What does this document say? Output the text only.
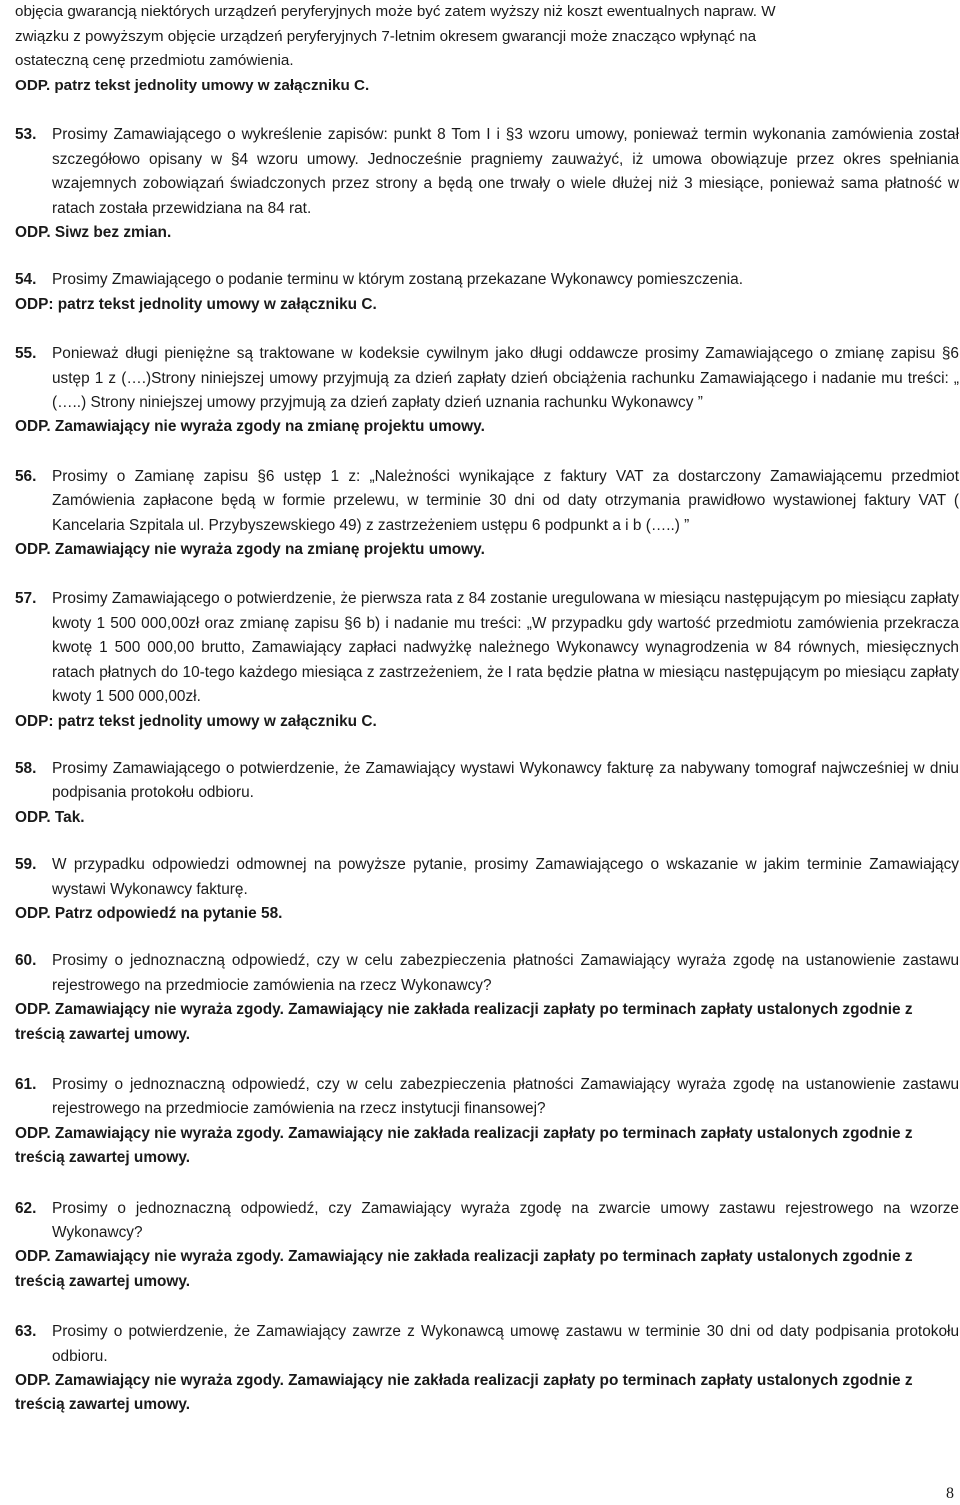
objęcia gwarancją niektórych urządzeń peryferyjnych może być zatem wyższy niż koszt ewentualnych napraw. W

związku z powyższym objęcie urządzeń peryferyjnych 7-letnim okresem gwarancji może znacząco wpłynąć na

ostateczną cenę przedmiotu zamówienia.

ODP. patrz tekst jednolity umowy w załączniku C.

53.	Prosimy Zamawiającego o wykreślenie zapisów: punkt 8 Tom I i §3 wzoru umowy, ponieważ termin wykonania zamówienia został szczegółowo opisany w §4 wzoru umowy. Jednocześnie pragniemy zauważyć, iż umowa obowiązuje przez okres spełniania wzajemnych zobowiązań świadczonych przez strony a będą one trwały o wiele dłużej niż 3 miesiące, ponieważ sama płatność w ratach została przewidziana na 84 rat.

ODP. Siwz bez zmian.

54.	Prosimy Zmawiającego o podanie terminu w którym zostaną przekazane Wykonawcy pomieszczenia.

ODP: patrz tekst jednolity umowy w załączniku C.

55.	Ponieważ długi pieniężne są traktowane w kodeksie cywilnym jako długi oddawcze prosimy Zamawiającego o zmianę zapisu §6 ustęp 1 z (….)Strony niniejszej umowy przyjmują za dzień zapłaty dzień obciążenia rachunku Zamawiającego i nadanie mu treści: „ (…..) Strony niniejszej umowy przyjmują za dzień zapłaty dzień uznania rachunku Wykonawcy ”

ODP. Zamawiający nie wyraża zgody na zmianę projektu umowy.

56.	Prosimy o Zamianę zapisu §6 ustęp 1 z: „Należności wynikające z faktury VAT za dostarczony Zamawiającemu przedmiot Zamówienia zapłacone będą w formie przelewu, w terminie 30 dni od daty otrzymania prawidłowo wystawionej faktury VAT ( Kancelaria Szpitala ul. Przybyszewskiego 49) z zastrzeżeniem ustępu 6 podpunkt a i b (…..) ”

ODP. Zamawiający nie wyraża zgody na zmianę projektu umowy.

57.	Prosimy Zamawiającego o potwierdzenie, że pierwsza rata z 84 zostanie uregulowana w miesiącu następującym po miesiącu zapłaty kwoty 1 500 000,00zł oraz zmianę zapisu §6 b) i nadanie mu treści: „W przypadku gdy wartość przedmiotu zamówienia przekracza kwotę 1 500 000,00 brutto, Zamawiający zapłaci nadwyżkę należnego Wykonawcy wynagrodzenia w 84 równych, miesięcznych ratach płatnych do 10-tego każdego miesiąca z zastrzeżeniem, że I rata będzie płatna w miesiącu następującym po miesiącu zapłaty kwoty 1 500 000,00zł.

ODP: patrz tekst jednolity umowy w załączniku C.

58.	Prosimy Zamawiającego o potwierdzenie, że Zamawiający wystawi Wykonawcy fakturę za nabywany tomograf najwcześniej w dniu podpisania protokołu odbioru.

ODP. Tak.

59.	W przypadku odpowiedzi odmownej na powyższe pytanie, prosimy Zamawiającego o wskazanie w jakim terminie Zamawiający wystawi Wykonawcy fakturę.

ODP. Patrz odpowiedź na pytanie 58.

60.	Prosimy o jednoznaczną odpowiedź, czy w celu zabezpieczenia płatności Zamawiający wyraża zgodę na ustanowienie zastawu rejestrowego na przedmiocie zamówienia na rzecz Wykonawcy?

ODP. Zamawiający nie wyraża zgody. Zamawiający nie zakłada realizacji zapłaty po terminach zapłaty ustalonych zgodnie z treścią zawartej umowy.

61.	Prosimy o jednoznaczną odpowiedź, czy w celu zabezpieczenia płatności Zamawiający wyraża zgodę na ustanowienie zastawu rejestrowego na przedmiocie zamówienia na rzecz instytucji finansowej?

ODP. Zamawiający nie wyraża zgody. Zamawiający nie zakłada realizacji zapłaty po terminach zapłaty ustalonych zgodnie z treścią zawartej umowy.

62.	Prosimy o jednoznaczną odpowiedź, czy Zamawiający wyraża zgodę na zwarcie umowy zastawu rejestrowego na wzorze Wykonawcy?

ODP. Zamawiający nie wyraża zgody. Zamawiający nie zakłada realizacji zapłaty po terminach zapłaty ustalonych zgodnie z treścią zawartej umowy.

63.	Prosimy o potwierdzenie, że Zamawiający zawrze z Wykonawcą umowę zastawu w terminie 30 dni od daty podpisania protokołu odbioru.

ODP. Zamawiający nie wyraża zgody. Zamawiający nie zakłada realizacji zapłaty po terminach zapłaty ustalonych zgodnie z treścią zawartej umowy.

8
